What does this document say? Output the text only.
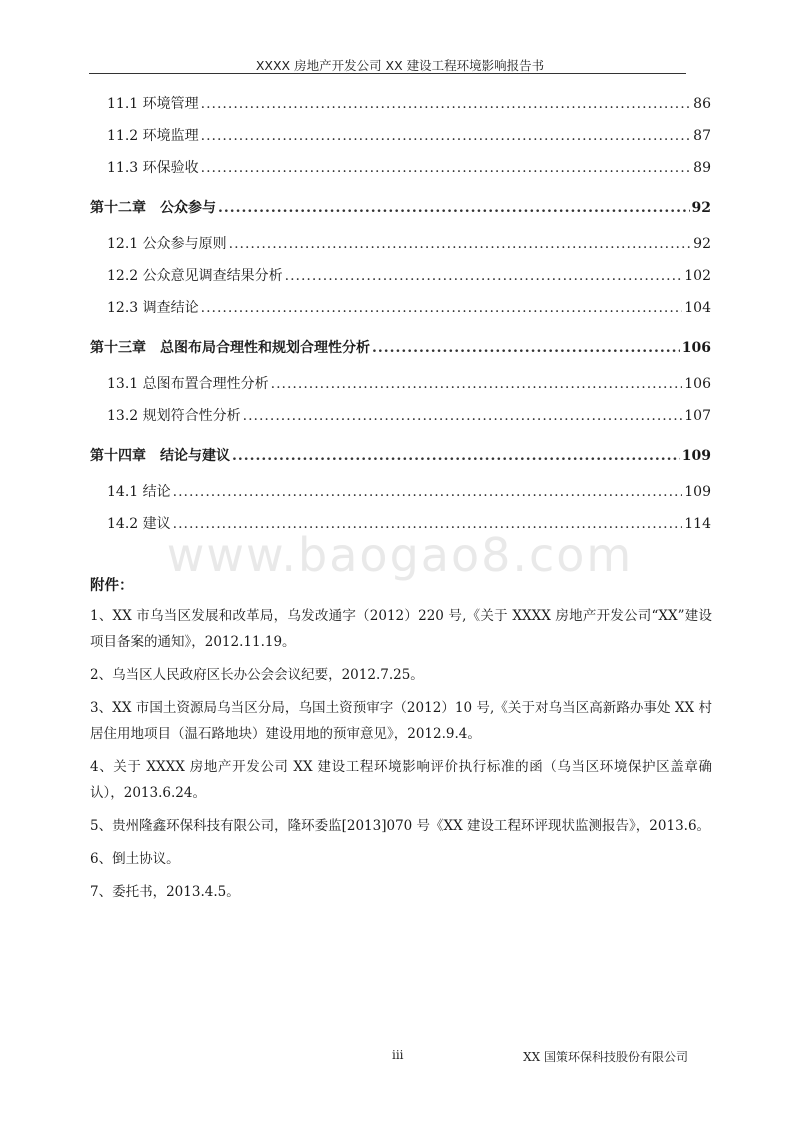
XXXX 房地产开发公司 XX 建设工程环境影响报告书
11.1 环境管理 .....	86
11.2 环境监理 .....	87
11.3 环保验收 .....	89
第十二章　公众参与 .....	92
12.1 公众参与原则 .....	92
12.2 公众意见调查结果分析 .....	102
12.3 调查结论 .....	104
第十三章　总图布局合理性和规划合理性分析 .....	106
13.1 总图布置合理性分析 .....	106
13.2 规划符合性分析 .....	107
第十四章　结论与建议 .....	109
14.1 结论 .....	109
14.2 建议 .....	114
www.baogao8.com
附件：
1、XX 市乌当区发展和改革局，乌发改通字（2012）220 号,《关于 XXXX 房地产开发公司“XX”建设项目备案的通知》，2012.11.19。
2、乌当区人民政府区长办公会会议纪要，2012.7.25。
3、XX 市国土资源局乌当区分局，乌国土资预审字（2012）10 号,《关于对乌当区高新路办事处 XX 村居住用地项目（温石路地块）建设用地的预审意见》，2012.9.4。
4、关于 XXXX 房地产开发公司 XX 建设工程环境影响评价执行标准的函（乌当区环境保护区盖章确认），2013.6.24。
5、贵州隆鑫环保科技有限公司，隆环委监[2013]070 号《XX 建设工程环评现状监测报告》，2013.6。
6、倒土协议。
7、委托书，2013.4.5。
iii	XX 国策环保科技股份有限公司
